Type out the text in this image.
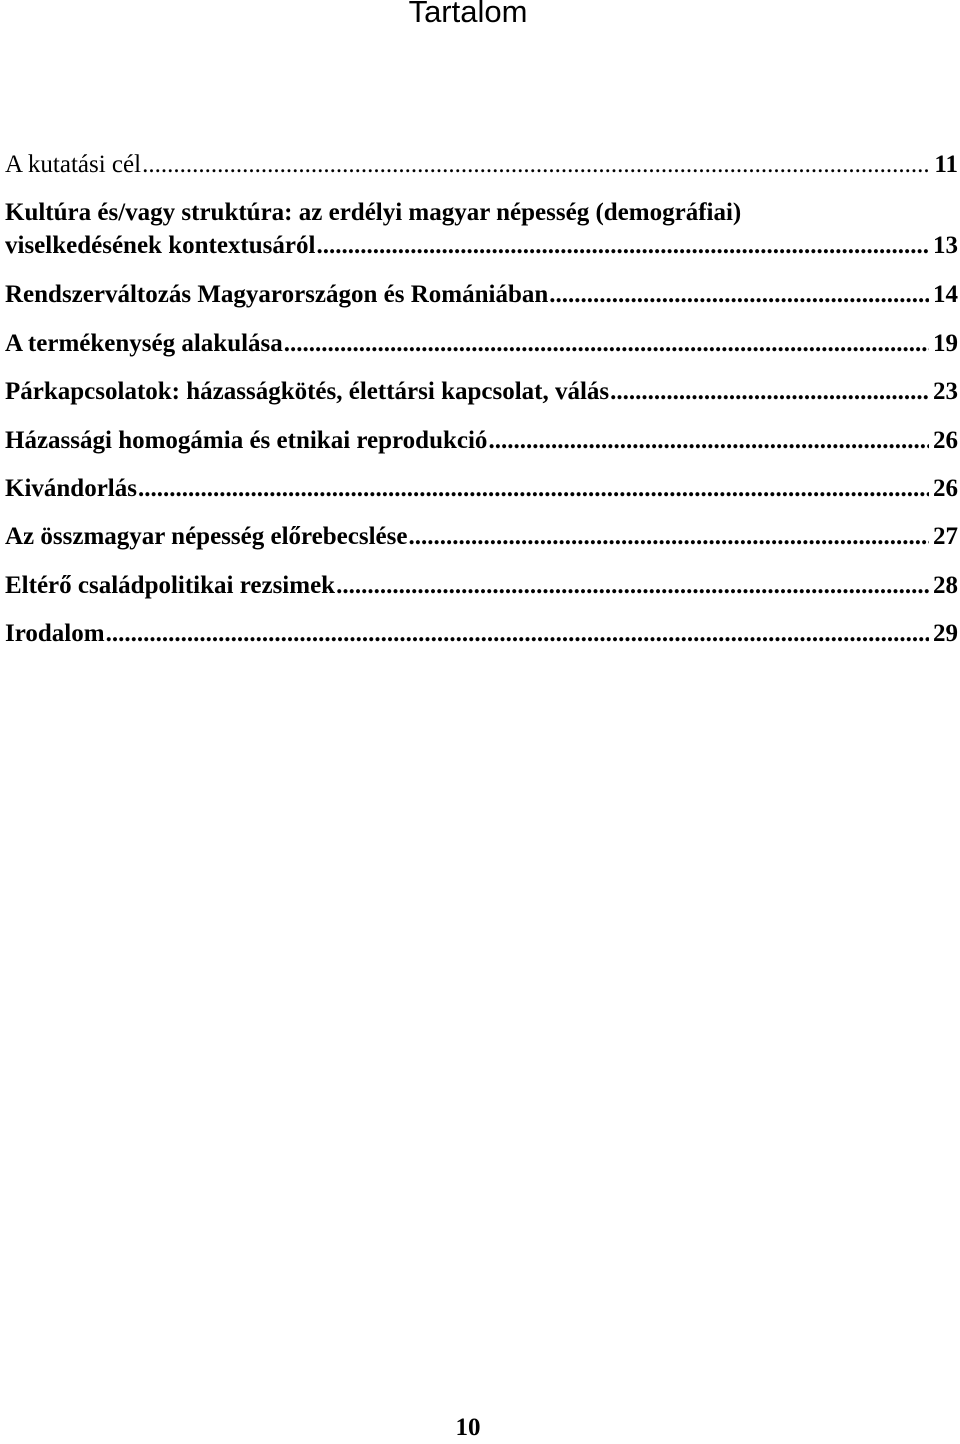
Tartalom
A kutatási cél .....	11
Kultúra és/vagy struktúra: az erdélyi magyar népesség (demográfiai)
viselkedésének kontextusáról .....	13
Rendszerváltozás Magyarországon és Romániában .....	14
A termékenység alakulása .....	19
Párkapcsolatok: házasságkötés, élettársi kapcsolat, válás .....	23
Házassági homogámia és etnikai reprodukció .....	26
Kivándorlás .....	26
Az összmagyar népesség előrebecslése .....	27
Eltérő családpolitikai rezsimek .....	28
Irodalom .....	29
10
